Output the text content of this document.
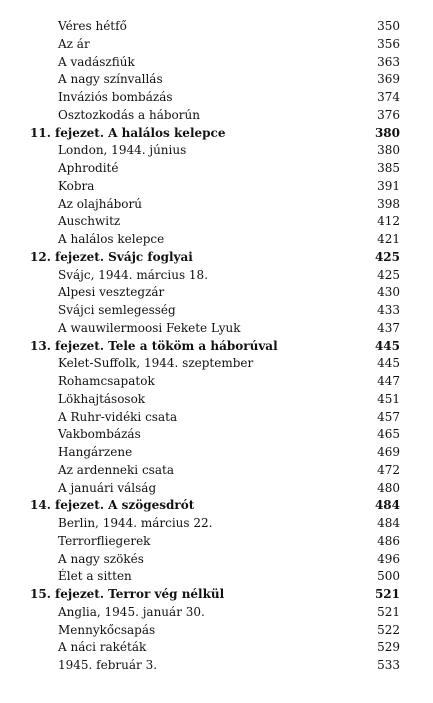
Véres hétfő	350
Az ár	356
A vadászfiúk	363
A nagy színvallás	369
Inváziós bombázás	374
Osztozkodás a háborún	376
11. fejezet. A halálos kelepce	380
London, 1944. június	380
Aphrodité	385
Kobra	391
Az olajháború	398
Auschwitz	412
A halálos kelepce	421
12. fejezet. Svájc foglyai	425
Svájc, 1944. március 18.	425
Alpesi vesztegzár	430
Svájci semlegesség	433
A wauwilermoosi Fekete Lyuk	437
13. fejezet. Tele a tököm a háborúval	445
Kelet-Suffolk, 1944. szeptember	445
Rohamcsapatok	447
Lökhajtásosok	451
A Ruhr-vidéki csata	457
Vakbombázás	465
Hangárzene	469
Az ardenneki csata	472
A januári válság	480
14. fejezet. A szögesdrót	484
Berlin, 1944. március 22.	484
Terrorfliegerek	486
A nagy szökés	496
Élet a sitten	500
15. fejezet. Terror vég nélkül	521
Anglia, 1945. január 30.	521
Mennykőcsapás	522
A náci rakéták	529
1945. február 3.	533
